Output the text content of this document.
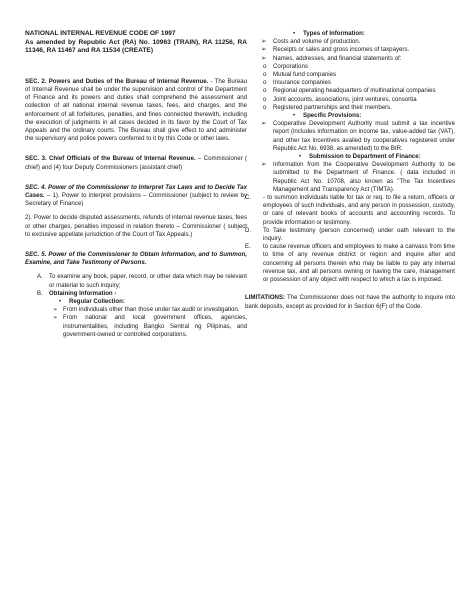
NATIONAL INTERNAL REVENUE CODE OF 1997

As amended by Republic Act (RA) No. 10963 (TRAIN), RA 11256, RA 11346, RA 11467 and RA 11534 (CREATE)

SEC. 2. Powers and Duties of the Bureau of Internal Revenue. - The Bureau of Internal Revenue shall be under the supervision and control of the Department of Finance and its powers and duties shall comprehend the assessment and collection of all national internal revenue taxes, fees, and charges, and the enforcement of all forfeitures, penalties, and fines connected therewith, including the execution of judgments in all cases decided in its favor by the Court of Tax Appeals and the ordinary courts. The Bureau shall give effect to and administer the supervisory and police powers conferred to it by this Code or other laws.

SEC. 3. Chief Officials of the Bureau of Internal Revenue. – Commissioner ( chief) and (4) four Deputy Commissioners (assistant chief)

SEC. 4. Power of the Commissioner to Interpret Tax Laws and to Decide Tax Cases. – 1). Power to interpret provisions – Commissioner (subject to review by Secretary of Finance)

2). Power to decide disputed assessments, refunds of internal revenue taxes, fees or other charges, penalties imposed in relation thereto – Commissioner ( subject to exclusive appellate jurisdiction of the Court of Tax Appeals.)

SEC. 5. Power of the Commissioner to Obtain Information, and to Summon, Examine, and Take Testimony of Persons.

A.	To examine any book, paper, record, or other data which may be relevant or material to such inquiry;
B.	Obtaining Information -
•	Regular Collection:
➢ From individuals other than those under tax audit or investigation.
➢ From national and local government offices, agencies, instrumentalities, including Bangko Sentral ng Pilipinas, and government-owned or controlled corporations.
•	Types of Information:
➢	Costs and volume of production.
➢	Receipts or sales and gross incomes of taxpayers.
➢	Names, addresses, and financial statements of:
o	Corporations
o	Mutual fund companies
o	Insurance companies
o	Regional operating headquarters of multinational companies
o	Joint accounts, associations, joint ventures, consortia
o	Registered partnerships and their members.
•	Specific Provisions:
➢	Cooperative Development Authority must submit a tax incentive report (includes information on income tax, value-added tax (VAT), and other tax incentives availed by cooperatives registered under Republic Act No. 6938, as amended) to the BIR.
•	Submission to Department of Finance:
➢	Information from the Cooperative Development Authority to be submitted to the Department of Finance. ( data included in Republic Act No. 10708, also known as "The Tax Incentives Management and Transparency Act (TIMTA).
C.	- to summon individuals liable for tax or req. to file a return, officers or employees of such individuals, and any person in possession, custody, or care of relevant books of accounts and accounting records. To provide information or testimony.
D.	To Take testimony (person concerned) under oath relevant to the inquiry.
E.	to cause revenue officers and employees to make a canvass from time to time of any revenue district or region and inquire after and concerning all persons therein who may be liable to pay any internal revenue tax, and all persons owning or having the care, management or possession of any object with respect to which a tax is imposed.

LIMITATIONS: The Commissioner does not have the authority to inquire into bank deposits, except as provided for in Section 6(F) of the Code.
